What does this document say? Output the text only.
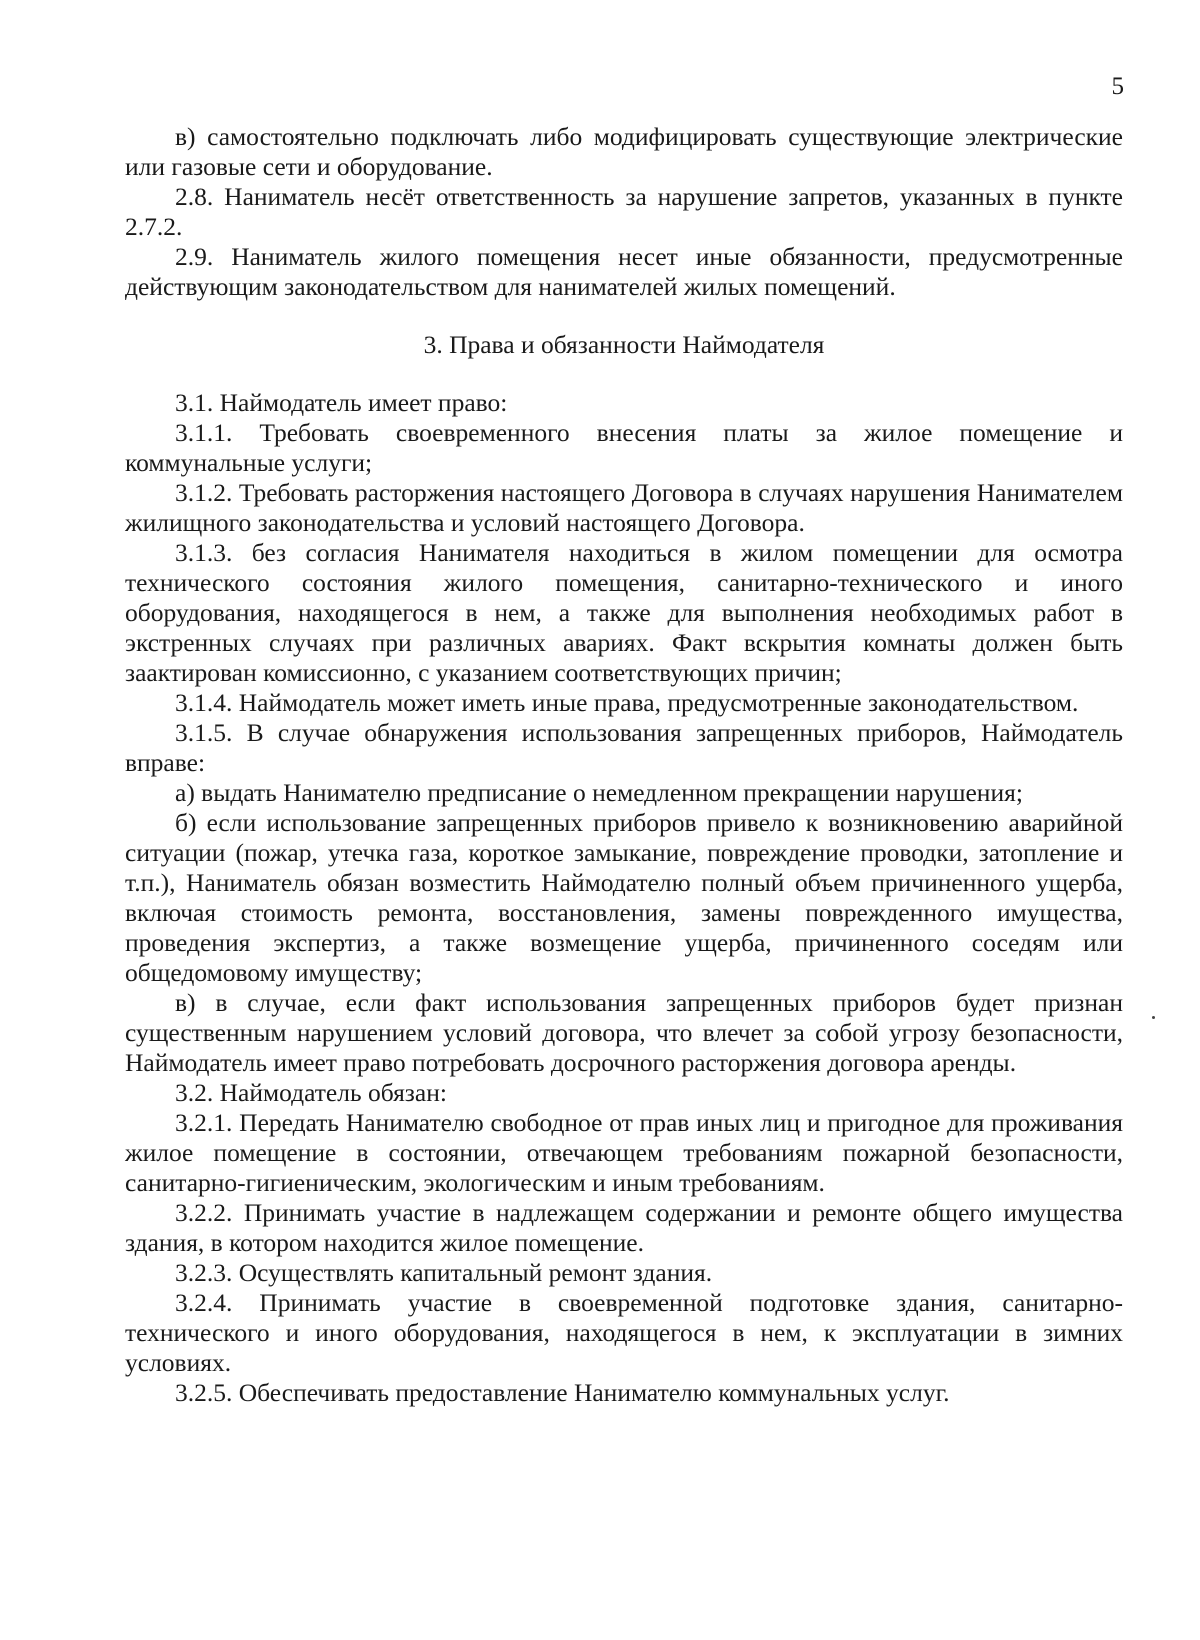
5

в) самостоятельно подключать либо модифицировать существующие электрические или газовые сети и оборудование.

2.8. Наниматель несёт ответственность за нарушение запретов, указанных в пункте 2.7.2.

2.9. Наниматель жилого помещения несет иные обязанности, предусмотренные действующим законодательством для нанимателей жилых помещений.

3. Права и обязанности Наймодателя

3.1. Наймодатель имеет право:

3.1.1. Требовать своевременного внесения платы за жилое помещение и коммунальные услуги;

3.1.2. Требовать расторжения настоящего Договора в случаях нарушения Нанимателем жилищного законодательства и условий настоящего Договора.

3.1.3. без согласия Нанимателя находиться в жилом помещении для осмотра технического состояния жилого помещения, санитарно-технического и иного оборудования, находящегося в нем, а также для выполнения необходимых работ в экстренных случаях при различных авариях. Факт вскрытия комнаты должен быть заактирован комиссионно, с указанием соответствующих причин;

3.1.4. Наймодатель может иметь иные права, предусмотренные законодательством.

3.1.5. В случае обнаружения использования запрещенных приборов, Наймодатель вправе:

а) выдать Нанимателю предписание о немедленном прекращении нарушения;

б) если использование запрещенных приборов привело к возникновению аварийной ситуации (пожар, утечка газа, короткое замыкание, повреждение проводки, затопление и т.п.), Наниматель обязан возместить Наймодателю полный объем причиненного ущерба, включая стоимость ремонта, восстановления, замены поврежденного имущества, проведения экспертиз, а также возмещение ущерба, причиненного соседям или общедомовому имуществу;

в) в случае, если факт использования запрещенных приборов будет признан существенным нарушением условий договора, что влечет за собой угрозу безопасности, Наймодатель имеет право потребовать досрочного расторжения договора аренды.

3.2. Наймодатель обязан:

3.2.1. Передать Нанимателю свободное от прав иных лиц и пригодное для проживания жилое помещение в состоянии, отвечающем требованиям пожарной безопасности, санитарно-гигиеническим, экологическим и иным требованиям.

3.2.2. Принимать участие в надлежащем содержании и ремонте общего имущества здания, в котором находится жилое помещение.

3.2.3. Осуществлять капитальный ремонт здания.

3.2.4. Принимать участие в своевременной подготовке здания, санитарно-технического и иного оборудования, находящегося в нем, к эксплуатации в зимних условиях.

3.2.5. Обеспечивать предоставление Нанимателю коммунальных услуг.
